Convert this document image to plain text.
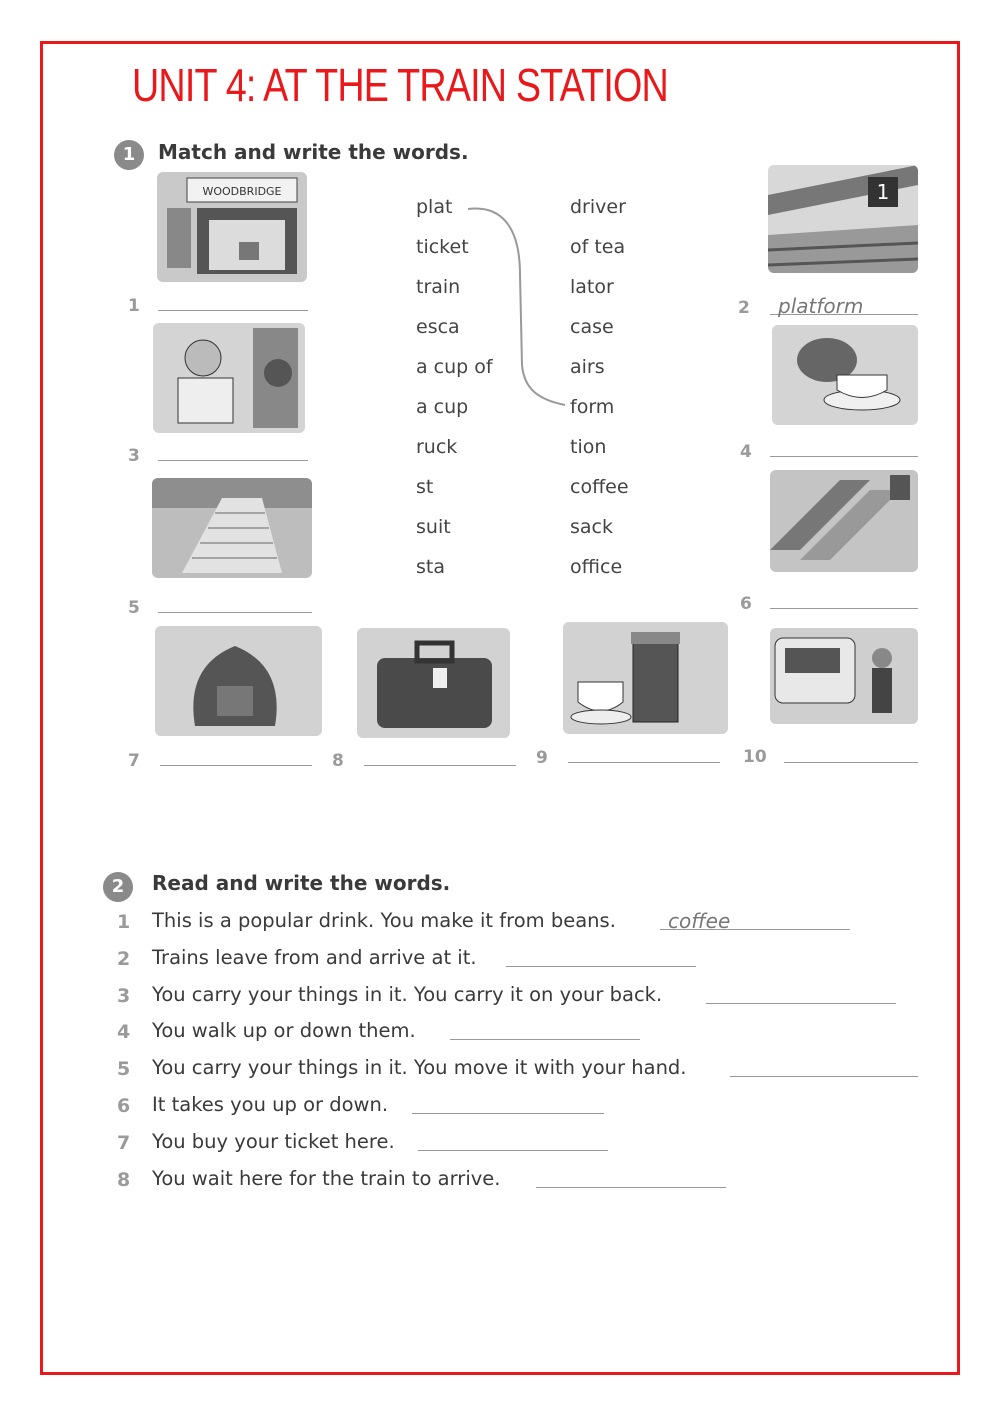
UNIT 4: AT THE TRAIN STATION
1	Match and write the words.
WOODBRIDGE
1
1
2 platform
3	4
5	6
7	8	9	10
plat
ticket
train
esca
a cup of
a cup
ruck
st
suit
sta
driver
of tea
lator
case
airs
form
tion
coffee
sack
office
2	Read and write the words.
1 This is a popular drink. You make it from beans.	coffee
2 Trains leave from and arrive at it.
3 You carry your things in it. You carry it on your back.
4 You walk up or down them.
5 You carry your things in it. You move it with your hand.
6 It takes you up or down.
7 You buy your ticket here.
8 You wait here for the train to arrive.
